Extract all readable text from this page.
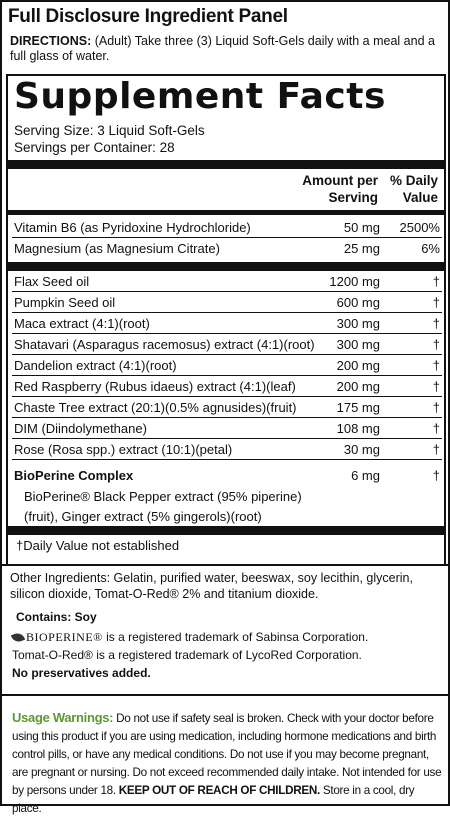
Full Disclosure Ingredient Panel
DIRECTIONS: (Adult) Take three (3) Liquid Soft-Gels daily with a meal and a full glass of water.
Supplement Facts
Serving Size: 3 Liquid Soft-Gels
Servings per Container: 28
Amount per
Serving
% Daily
Value
Vitamin B6 (as Pyridoxine Hydrochloride)	50 mg 2500%
Magnesium (as Magnesium Citrate)	25 mg	6%
Flax Seed oil	1200 mg	†
Pumpkin Seed oil	600 mg	†
Maca extract (4:1)(root)	300 mg	†
Shatavari (Asparagus racemosus) extract (4:1)(root) 300 mg	†
Dandelion extract (4:1)(root)	200 mg	†
Red Raspberry (Rubus idaeus) extract (4:1)(leaf)	200 mg	†
Chaste Tree extract (20:1)(0.5% agnusides)(fruit)	175 mg	†
DIM (Diindolymethane)	108 mg	†
Rose (Rosa spp.) extract (10:1)(petal)	30 mg	†
BioPerine Complex	6 mg	†
BioPerine® Black Pepper extract (95% piperine)
(fruit), Ginger extract (5% gingerols)(root)
†Daily Value not established
Other Ingredients: Gelatin, purified water, beeswax, soy lecithin, glycerin, silicon dioxide, Tomat-O-Red® 2% and titanium dioxide.
Contains: Soy
BIOPERINE® is a registered trademark of Sabinsa Corporation.
Tomat-O-Red® is a registered trademark of LycoRed Corporation.
No preservatives added.
Usage Warnings: Do not use if safety seal is broken. Check with your doctor before using this product if you are using medication, including hormone medications and birth control pills, or have any medical conditions. Do not use if you may become pregnant, are pregnant or nursing. Do not exceed recommended daily intake. Not intended for use by persons under 18. KEEP OUT OF REACH OF CHILDREN. Store in a cool, dry place.
